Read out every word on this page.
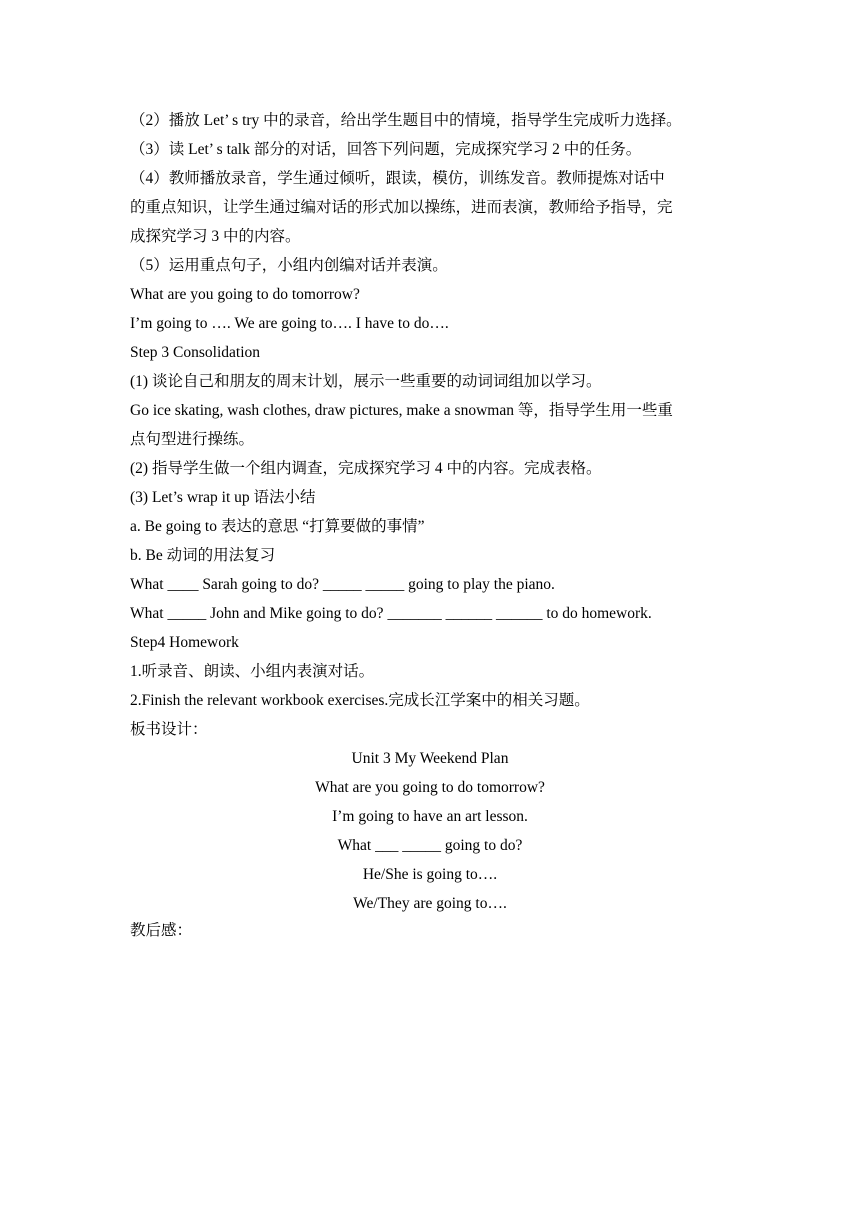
（2）播放 Let’ s try 中的录音，给出学生题目中的情境，指导学生完成听力选择。
（3）读 Let’ s talk 部分的对话，回答下列问题，完成探究学习 2 中的任务。
（4）教师播放录音，学生通过倾听，跟读，模仿，训练发音。教师提炼对话中
的重点知识，让学生通过编对话的形式加以操练，进而表演，教师给予指导，完
成探究学习 3 中的内容。
（5）运用重点句子，小组内创编对话并表演。
What are you going to do tomorrow?
I’m going to …. We are going to…. I have to do….
Step 3 Consolidation
(1) 谈论自己和朋友的周末计划，展示一些重要的动词词组加以学习。
Go ice skating, wash clothes, draw pictures, make a snowman 等，指导学生用一些重
点句型进行操练。
(2) 指导学生做一个组内调查，完成探究学习 4 中的内容。完成表格。
(3) Let’s wrap it up 语法小结
a. Be going to 表达的意思 “打算要做的事情”
b. Be 动词的用法复习
What ____ Sarah going to do? _____ _____ going to play the piano.
What _____ John and Mike going to do? _______ ______ ______ to do homework.
Step4 Homework
1.听录音、朗读、小组内表演对话。
2.Finish the relevant workbook exercises.完成长江学案中的相关习题。
板书设计：
Unit 3 My Weekend Plan
What are you going to do tomorrow?
I’m going to have an art lesson.
What ___ _____ going to do?
He/She is going to….
We/They are going to….
教后感：
